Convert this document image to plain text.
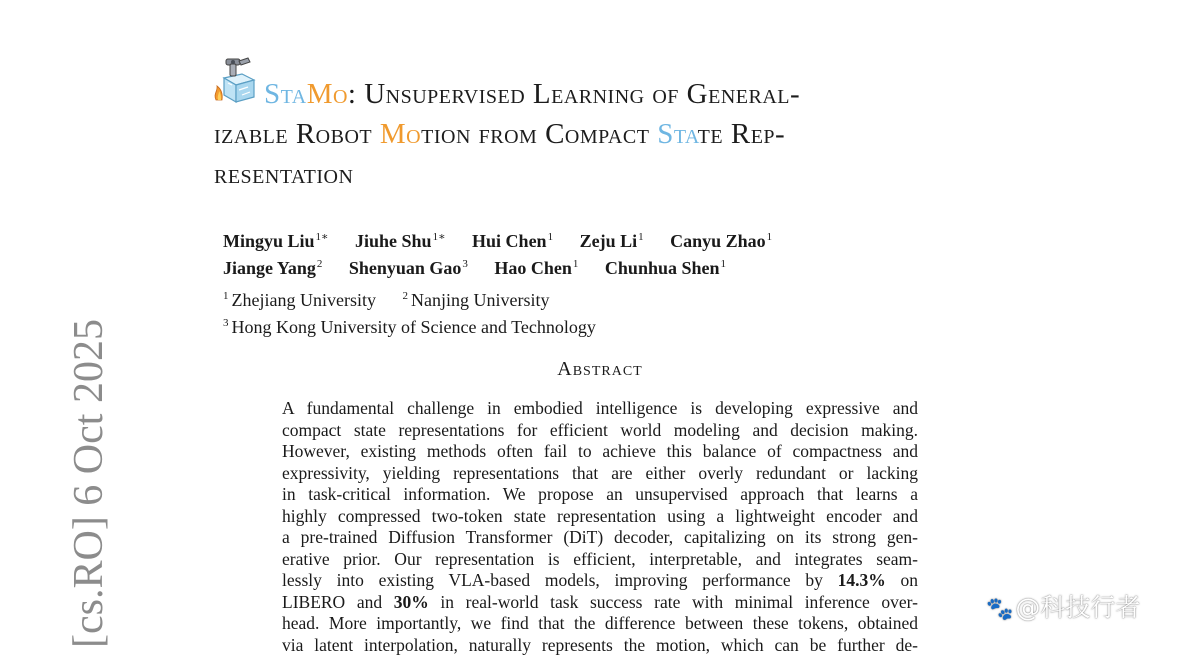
StaMo: Unsupervised Learning of General-
izable Robot Motion from Compact State Rep-
resentation
Mingyu Liu$^{1∗}$ Jiuhe Shu$^{1∗}$ Hui Chen$^1$ Zeju Li$^1$ Canyu Zhao$^1$
Jiange Yang$^2$ Shenyuan Gao$^3$ Hao Chen$^1$ Chunhua Shen$^1$
$^1$ Zhejiang University $^2$ Nanjing University
$^3$ Hong Kong University of Science and Technology
Abstract
A fundamental challenge in embodied intelligence is developing expressive and
compact state representations for efficient world modeling and decision making.
However, existing methods often fail to achieve this balance of compactness and
expressivity, yielding representations that are either overly redundant or lacking
in task-critical information. We propose an unsupervised approach that learns a
highly compressed two-token state representation using a lightweight encoder and
a pre-trained Diffusion Transformer (DiT) decoder, capitalizing on its strong gen-
erative prior. Our representation is efficient, interpretable, and integrates seam-
lessly into existing VLA-based models, improving performance by 14.3% on
LIBERO and 30% in real-world task success rate with minimal inference over-
head. More importantly, we find that the difference between these tokens, obtained
via latent interpolation, naturally represents the motion, which can be further de-
[cs.RO] 6 Oct 2025	🐾@科技行者
